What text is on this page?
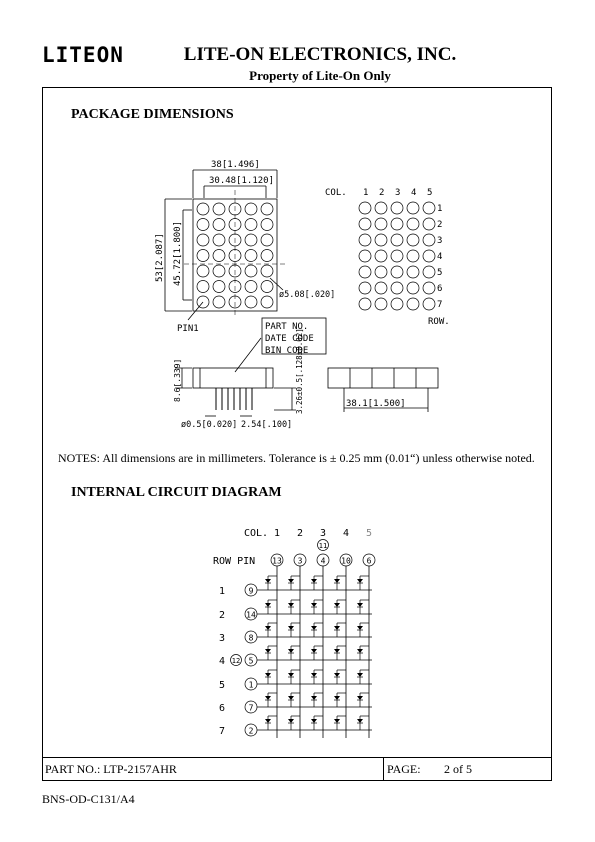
LITEON	LITE-ON ELECTRONICS, INC.
Property of Lite-On Only
PACKAGE DIMENSIONS
NOTES: All dimensions are in millimeters. Tolerance is ± 0.25 mm (0.01“) unless otherwise noted.
INTERNAL CIRCUIT DIAGRAM
38[1.496]
30.48[1.120]
53[2.087] 45.72[1.800]
ø5.08[.020]
PIN1	PART NO.
DATE CODE
BIN CODE
8.6[.339]	3.26±0.5[.128±0.02]
ø0.5[0.020] 2.54[.100]
38.1[1.500]
COL.
ROW.
1 2 3 4 5
1
2
3
4
5
6
7
COL.
ROW PIN
1 2 3 4 5
11
13 3 4 10 6
1	9
2	14
3	8
4	5
5	1
6	7
7	2
12
PART NO.: LTP-2157AHR	PAGE: 2 of 5
BNS-OD-C131/A4
